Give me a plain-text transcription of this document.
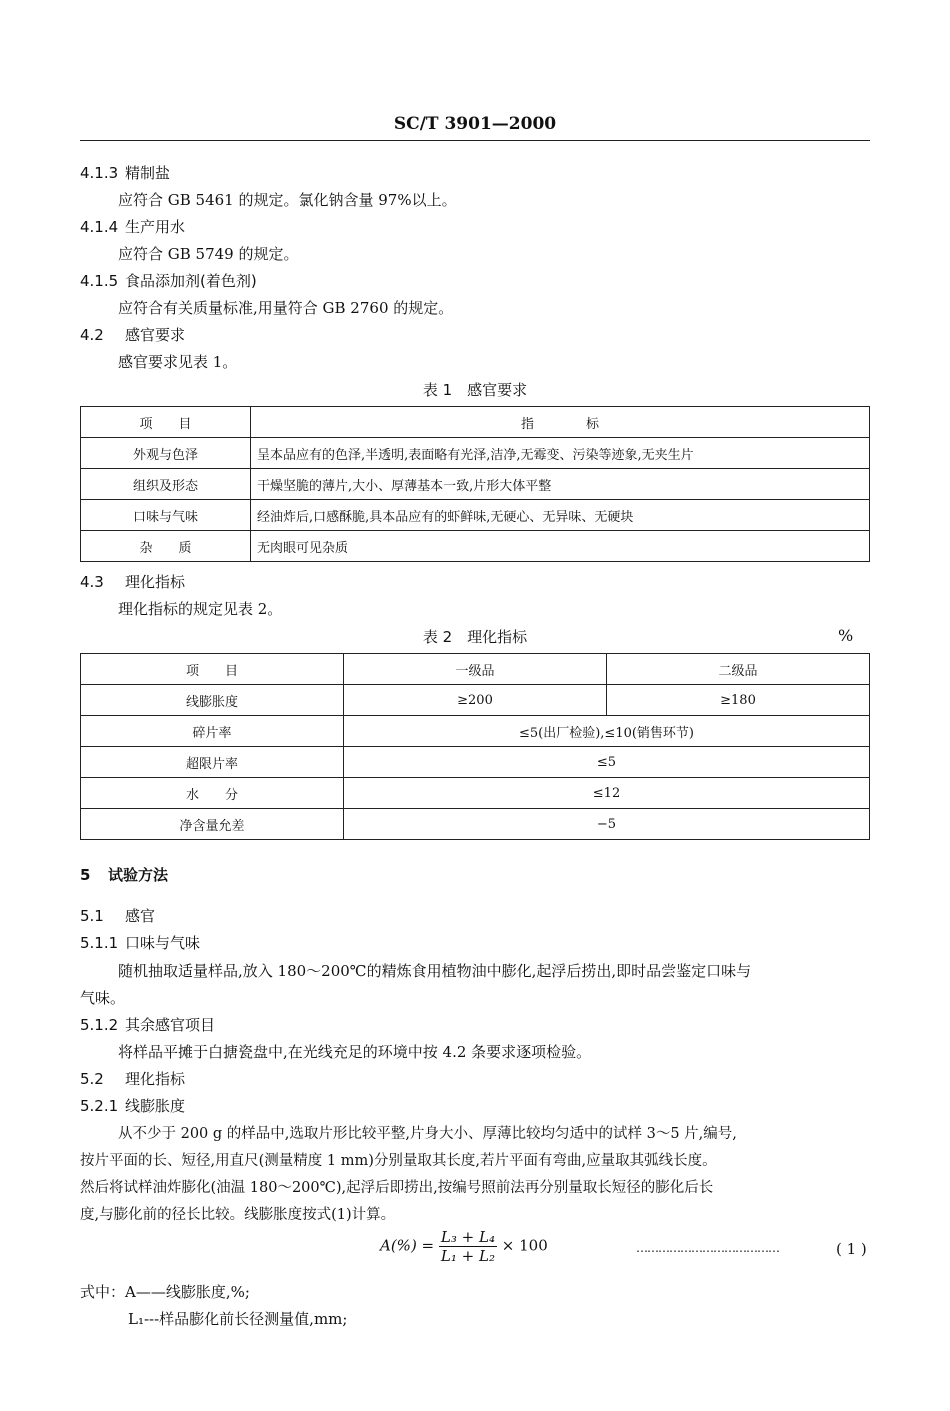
SC/T 3901—2000
4.1.3 精制盐
应符合 GB 5461 的规定。氯化钠含量 97%以上。
4.1.4 生产用水
应符合 GB 5749 的规定。
4.1.5 食品添加剂(着色剂)
应符合有关质量标准,用量符合 GB 2760 的规定。
4.2 感官要求
感官要求见表 1。
表 1　感官要求
项　　目	指　　　　标
外观与色泽	呈本品应有的色泽,半透明,表面略有光泽,洁净,无霉变、污染等迹象,无夹生片
组织及形态	干燥坚脆的薄片,大小、厚薄基本一致,片形大体平整
口味与气味	经油炸后,口感酥脆,具本品应有的虾鲜味,无硬心、无异味、无硬块
杂　　质	无肉眼可见杂质
4.3 理化指标
理化指标的规定见表 2。
表 2　理化指标	%
项　　目	一级品	二级品
线膨胀度	≥200	≥180
碎片率	≤5(出厂检验),≤10(销售环节)	
超限片率	≤5	
水　　分	≤12	
净含量允差	−5	
5 试验方法
5.1 感官
5.1.1 口味与气味
随机抽取适量样品,放入 180～200℃的精炼食用植物油中膨化,起浮后捞出,即时品尝鉴定口味与
气味。
5.1.2 其余感官项目
将样品平摊于白搪瓷盘中,在光线充足的环境中按 4.2 条要求逐项检验。
5.2 理化指标
5.2.1 线膨胀度
从不少于 200 g 的样品中,选取片形比较平整,片身大小、厚薄比较均匀适中的试样 3～5 片,编号,
按片平面的长、短径,用直尺(测量精度 1 mm)分别量取其长度,若片平面有弯曲,应量取其弧线长度。
然后将试样油炸膨化(油温 180～200℃),起浮后即捞出,按编号照前法再分别量取长短径的膨化后长
度,与膨化前的径长比较。线膨胀度按式(1)计算。
$A(\%) = \frac{\text{L₃ + L₄}}{\text{L₁ + L₂}} \times 100$	…………………………………	( 1 )
式中：A——线膨胀度,%;
L₁---样品膨化前长径测量值,mm;
